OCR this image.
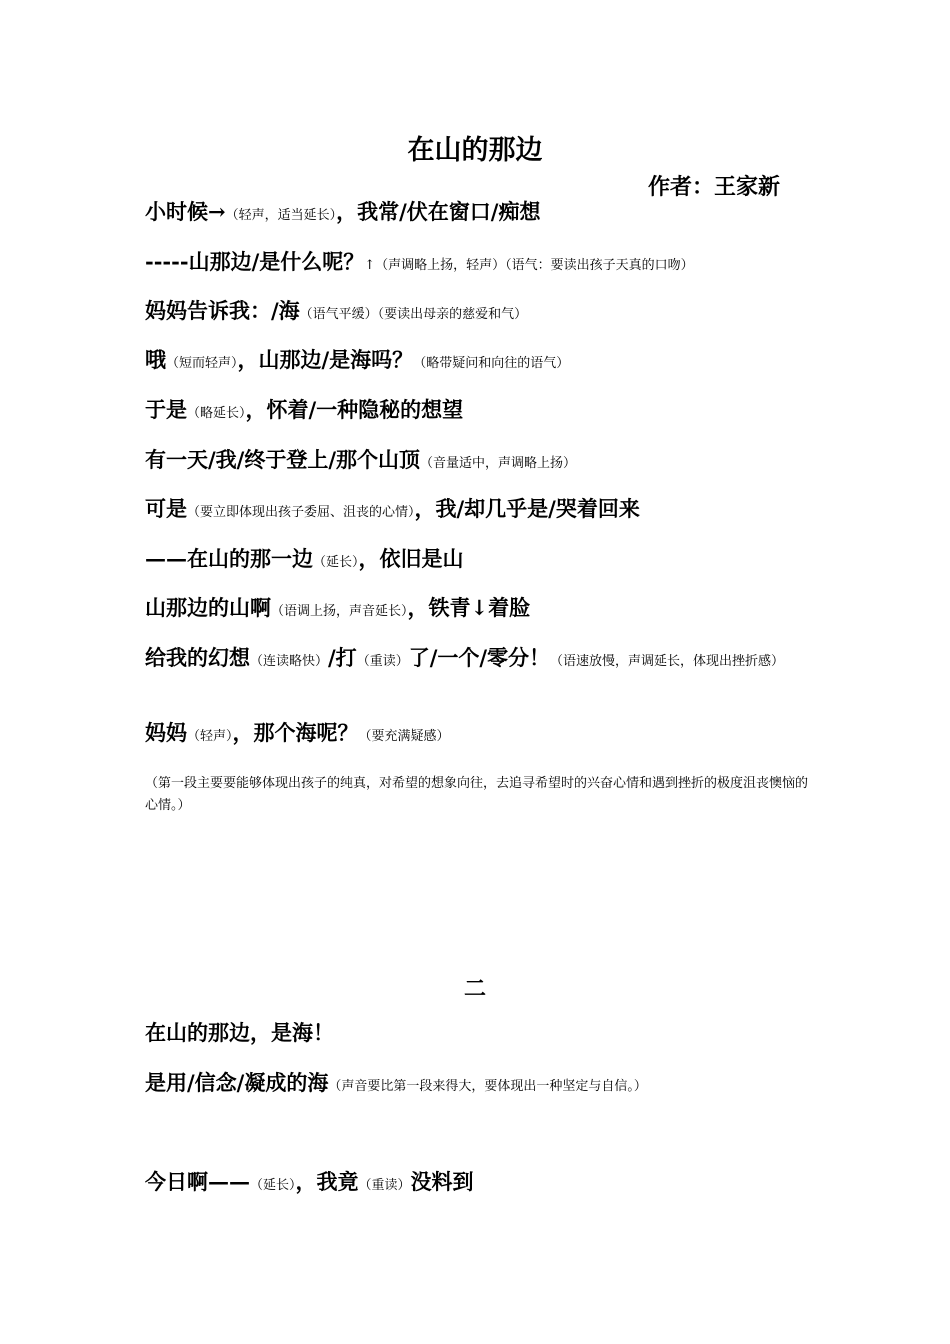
在山的那边
作者：王家新
小时候→（轻声，适当延长），我常/伏在窗口/痴想
-----山那边/是什么呢？↑（声调略上扬，轻声）（语气：要读出孩子天真的口吻）
妈妈告诉我：/海（语气平缓）（要读出母亲的慈爱和气）
哦（短而轻声），山那边/是海吗？（略带疑问和向往的语气）
于是（略延长），怀着/一种隐秘的想望
有一天/我/终于登上/那个山顶（音量适中，声调略上扬）
可是（要立即体现出孩子委屈、沮丧的心情），我/却几乎是/哭着回来
——在山的那一边（延长），依旧是山
山那边的山啊（语调上扬，声音延长），铁青↓着脸
给我的幻想（连读略快）/打（重读）了/一个/零分！（语速放慢，声调延长，体现出挫折感）
妈妈（轻声），那个海呢？（要充满疑感）
（第一段主要要能够体现出孩子的纯真，对希望的想象向往，去追寻希望时的兴奋心情和遇到挫折的极度沮丧懊恼的心情。）
二
在山的那边，是海！
是用/信念/凝成的海（声音要比第一段来得大，要体现出一种坚定与自信。）
今日啊——（延长），我竟（重读）没料到
